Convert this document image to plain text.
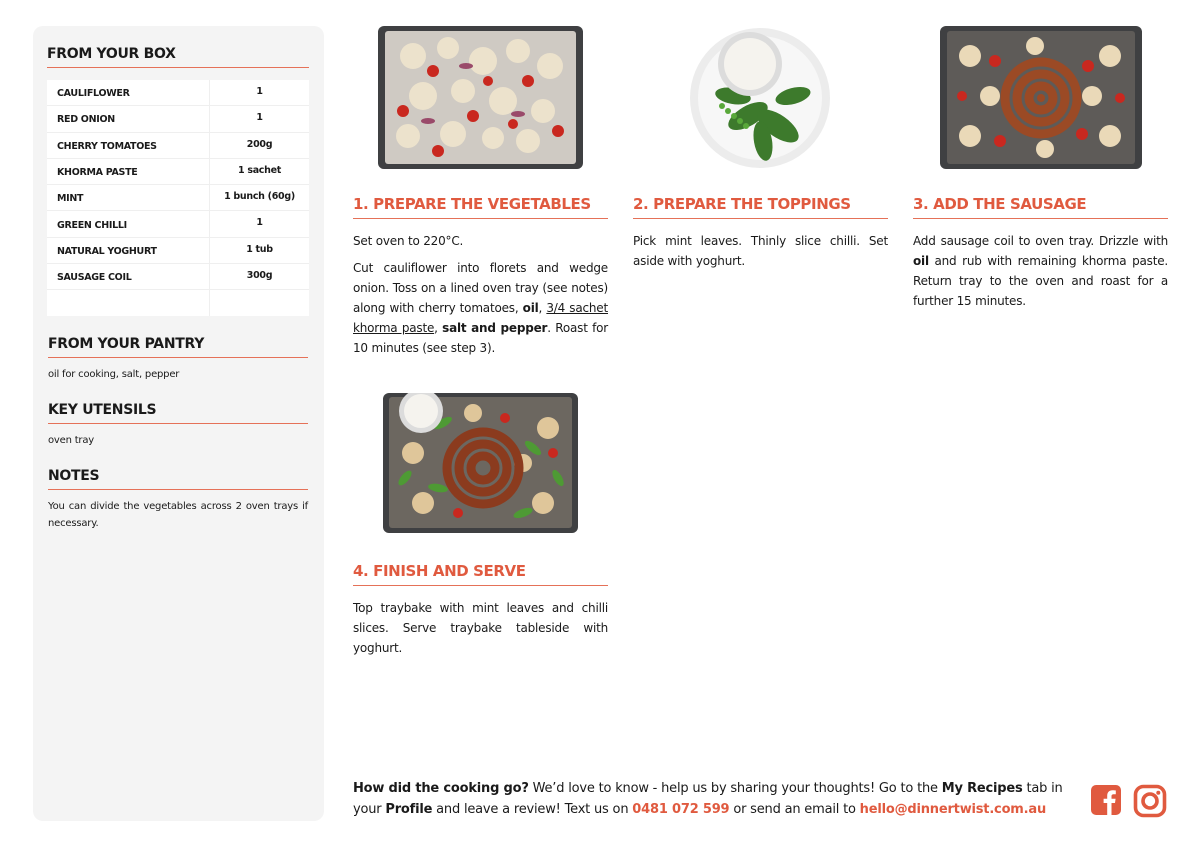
FROM YOUR BOX
CAULIFLOWER	1
RED ONION	1
CHERRY TOMATOES	200g
KHORMA PASTE	1 sachet
MINT	1 bunch (60g)
GREEN CHILLI	1
NATURAL YOGHURT	1 tub
SAUSAGE COIL	300g
FROM YOUR PANTRY
oil for cooking, salt, pepper
KEY UTENSILS
oven tray
NOTES
You can divide the vegetables across 2 oven trays if necessary.
1. PREPARE THE VEGETABLES

Set oven to 220°C.

Cut cauliflower into florets and wedge onion. Toss on a lined oven tray (see notes) along with cherry tomatoes, oil, 3/4 sachet khorma paste, salt and pepper. Roast for 10 minutes (see step 3).

2. PREPARE THE TOPPINGS

Pick mint leaves. Thinly slice chilli. Set aside with yoghurt.

3. ADD THE SAUSAGE

Add sausage coil to oven tray. Drizzle with oil and rub with remaining khorma paste. Return tray to the oven and roast for a further 15 minutes.

4. FINISH AND SERVE

Top traybake with mint leaves and chilli slices. Serve traybake tableside with yoghurt.

How did the cooking go? We’d love to know - help us by sharing your thoughts! Go to the My Recipes tab in your Profile and leave a review! Text us on 0481 072 599 or send an email to hello@dinnertwist.com.au
